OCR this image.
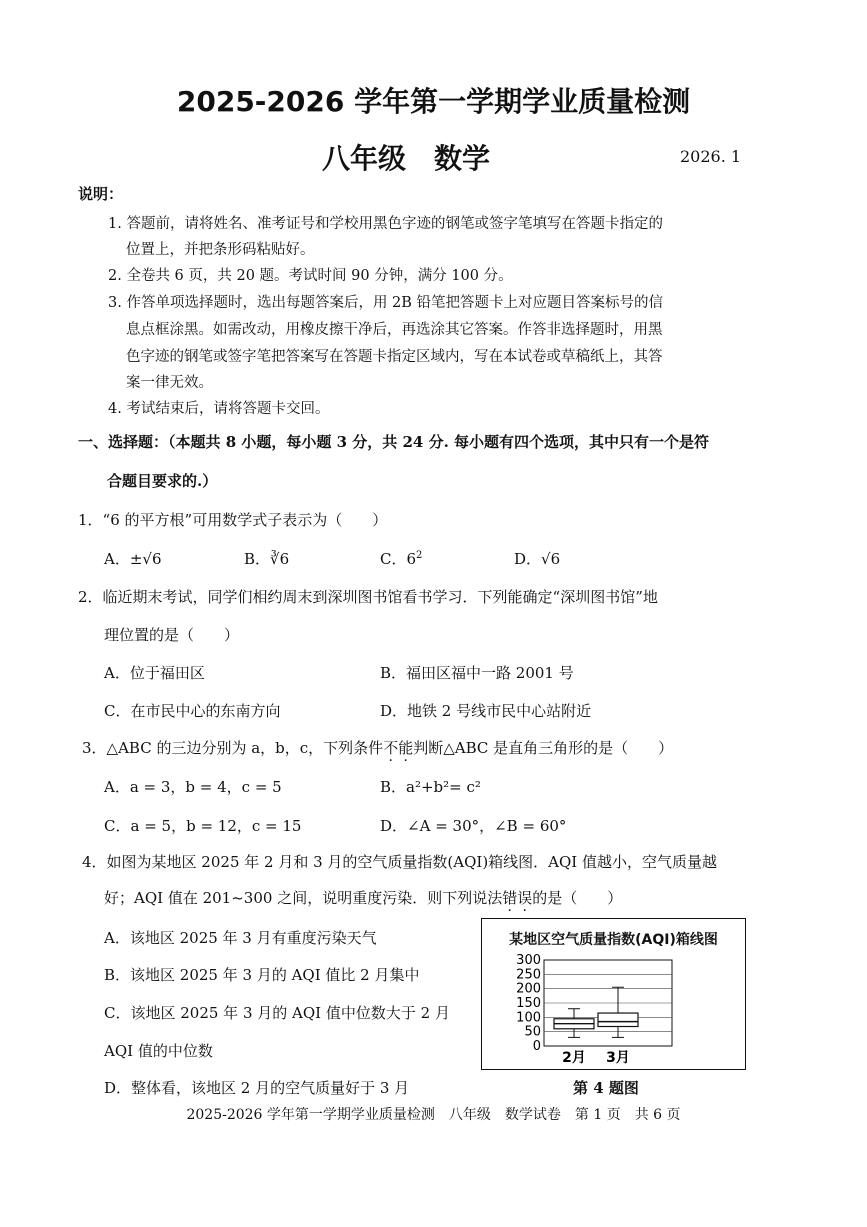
2025-2026 学年第一学期学业质量检测
八年级　数学	2026. 1
说明：
1. 答题前，请将姓名、准考证号和学校用黑色字迹的钢笔或签字笔填写在答题卡指定的
位置上，并把条形码粘贴好。
2. 全卷共 6 页，共 20 题。考试时间 90 分钟，满分 100 分。
3. 作答单项选择题时，选出每题答案后，用 2B 铅笔把答题卡上对应题目答案标号的信
息点框涂黑。如需改动，用橡皮擦干净后，再选涂其它答案。作答非选择题时，用黑
色字迹的钢笔或签字笔把答案写在答题卡指定区域内，写在本试卷或草稿纸上，其答
案一律无效。
4. 考试结束后，请将答题卡交回。
一、选择题：（本题共 8 小题，每小题 3 分，共 24 分. 每小题有四个选项，其中只有一个是符
合题目要求的.）
1．“6 的平方根”可用数学式子表示为（　　）
A．±√6	B．∛6	C．$6^2$	D．√6
2．临近期末考试，同学们相约周末到深圳图书馆看书学习．下列能确定“深圳图书馆”地
理位置的是（　　）
A．位于福田区	B．福田区福中一路 2001 号
C．在市民中心的东南方向	D．地铁 2 号线市民中心站附近
3．△ABC 的三边分别为 a，b，c，下列条件不能判断△ABC 是直角三角形的是（　　）
A．a = 3，b = 4，c = 5	B．a²+b²= c²
C．a = 5，b = 12，c = 15	D．∠A = 30°，∠B = 60°
4．如图为某地区 2025 年 2 月和 3 月的空气质量指数(AQI)箱线图．AQI 值越小，空气质量越
好；AQI 值在 201~300 之间，说明重度污染．则下列说法错误的是（　　）
A．该地区 2025 年 3 月有重度污染天气
B．该地区 2025 年 3 月的 AQI 值比 2 月集中
C．该地区 2025 年 3 月的 AQI 值中位数大于 2 月
AQI 值的中位数
D．整体看，该地区 2 月的空气质量好于 3 月
某地区空气质量指数(AQI)箱线图
300
250
200
150
100
50
0
2月 3月
第 4 题图
2025-2026 学年第一学期学业质量检测　八年级　数学试卷　第 1 页　共 6 页
